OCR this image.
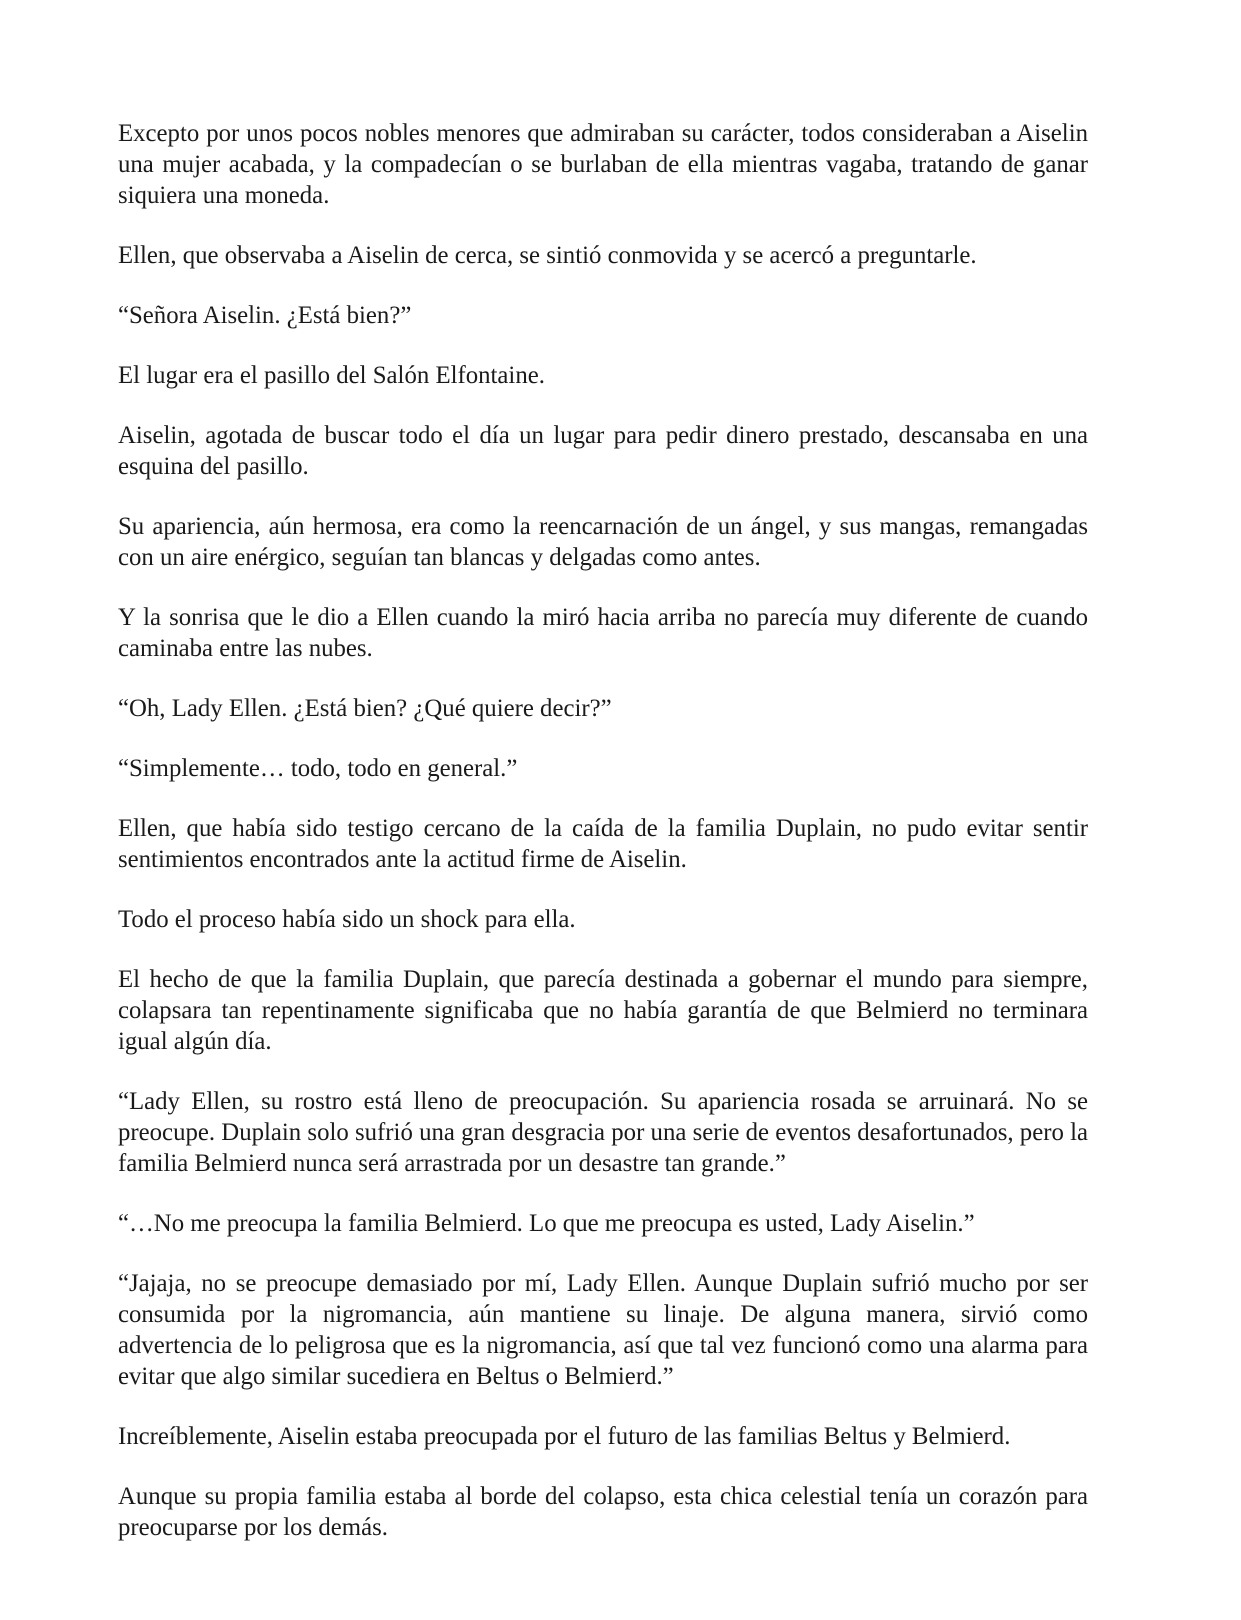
Excepto por unos pocos nobles menores que admiraban su carácter, todos consideraban a Aiselin una mujer acabada, y la compadecían o se burlaban de ella mientras vagaba, tratando de ganar siquiera una moneda.

Ellen, que observaba a Aiselin de cerca, se sintió conmovida y se acercó a preguntarle.

“Señora Aiselin. ¿Está bien?”

El lugar era el pasillo del Salón Elfontaine.

Aiselin, agotada de buscar todo el día un lugar para pedir dinero prestado, descansaba en una esquina del pasillo.

Su apariencia, aún hermosa, era como la reencarnación de un ángel, y sus mangas, remangadas con un aire enérgico, seguían tan blancas y delgadas como antes.

Y la sonrisa que le dio a Ellen cuando la miró hacia arriba no parecía muy diferente de cuando caminaba entre las nubes.

“Oh, Lady Ellen. ¿Está bien? ¿Qué quiere decir?”

“Simplemente… todo, todo en general.”

Ellen, que había sido testigo cercano de la caída de la familia Duplain, no pudo evitar sentir sentimientos encontrados ante la actitud firme de Aiselin.

Todo el proceso había sido un shock para ella.

El hecho de que la familia Duplain, que parecía destinada a gobernar el mundo para siempre, colapsara tan repentinamente significaba que no había garantía de que Belmierd no terminara igual algún día.

“Lady Ellen, su rostro está lleno de preocupación. Su apariencia rosada se arruinará. No se preocupe. Duplain solo sufrió una gran desgracia por una serie de eventos desafortunados, pero la familia Belmierd nunca será arrastrada por un desastre tan grande.”

“…No me preocupa la familia Belmierd. Lo que me preocupa es usted, Lady Aiselin.”

“Jajaja, no se preocupe demasiado por mí, Lady Ellen. Aunque Duplain sufrió mucho por ser consumida por la nigromancia, aún mantiene su linaje. De alguna manera, sirvió como advertencia de lo peligrosa que es la nigromancia, así que tal vez funcionó como una alarma para evitar que algo similar sucediera en Beltus o Belmierd.”

Increíblemente, Aiselin estaba preocupada por el futuro de las familias Beltus y Belmierd.

Aunque su propia familia estaba al borde del colapso, esta chica celestial tenía un corazón para preocuparse por los demás.
